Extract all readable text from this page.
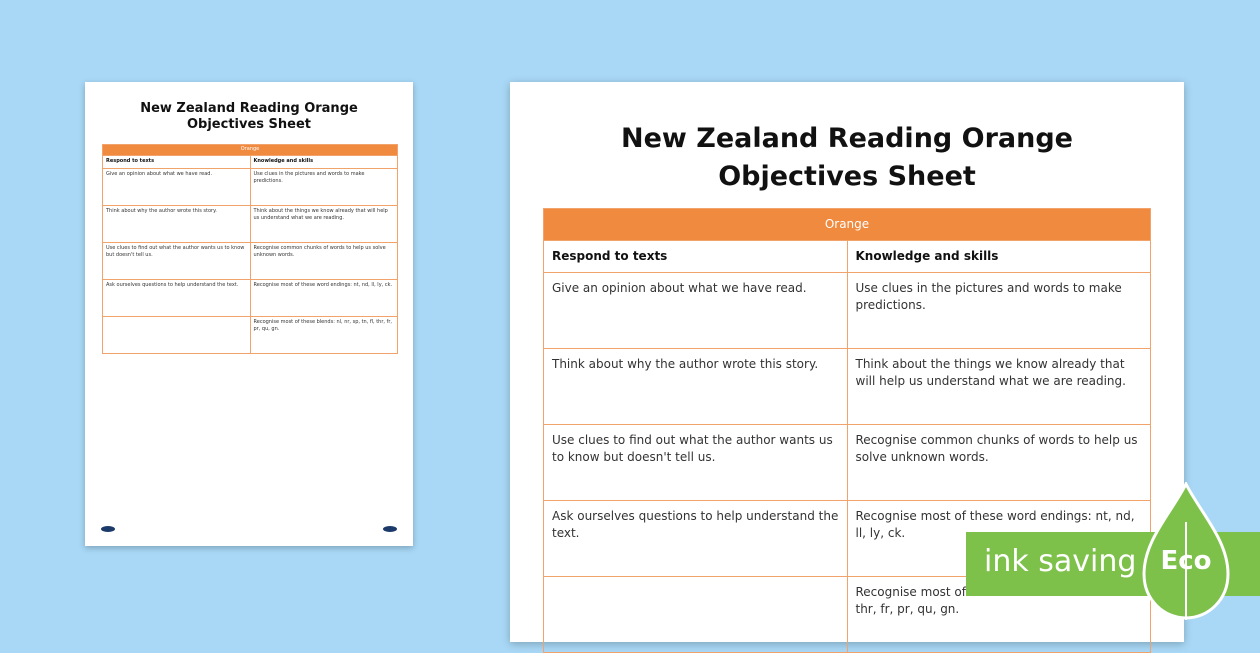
New Zealand Reading Orange
Objectives Sheet
Orange	
Respond to texts	Knowledge and skills
Give an opinion about what we have read.	Use clues in the pictures and words to make predictions.
Think about why the author wrote this story.	Think about the things we know already that will help us understand what we are reading.
Use clues to find out what the author wants us to know but doesn't tell us.	Recognise common chunks of words to help us solve unknown words.
Ask ourselves questions to help understand the text.	Recognise most of these word endings: nt, nd, ll, ly, ck.
	Recognise most of these blends: nl, nr, sp, tn, fl, thr, fr, pr, qu, gn.
New Zealand Reading Orange
Objectives Sheet
Orange	
Respond to texts	Knowledge and skills
Give an opinion about what we have read.	Use clues in the pictures and words to make predictions.
Think about why the author wrote this story.	Think about the things we know already that will help us understand what we are reading.
Use clues to find out what the author wants us to know but doesn't tell us.	Recognise common chunks of words to help us solve unknown words.
Ask ourselves questions to help understand the text.	Recognise most of these word endings: nt, nd, ll, ly, ck.
	Recognise most of
thr, fr, pr, qu, gn.
ink saving Eco
